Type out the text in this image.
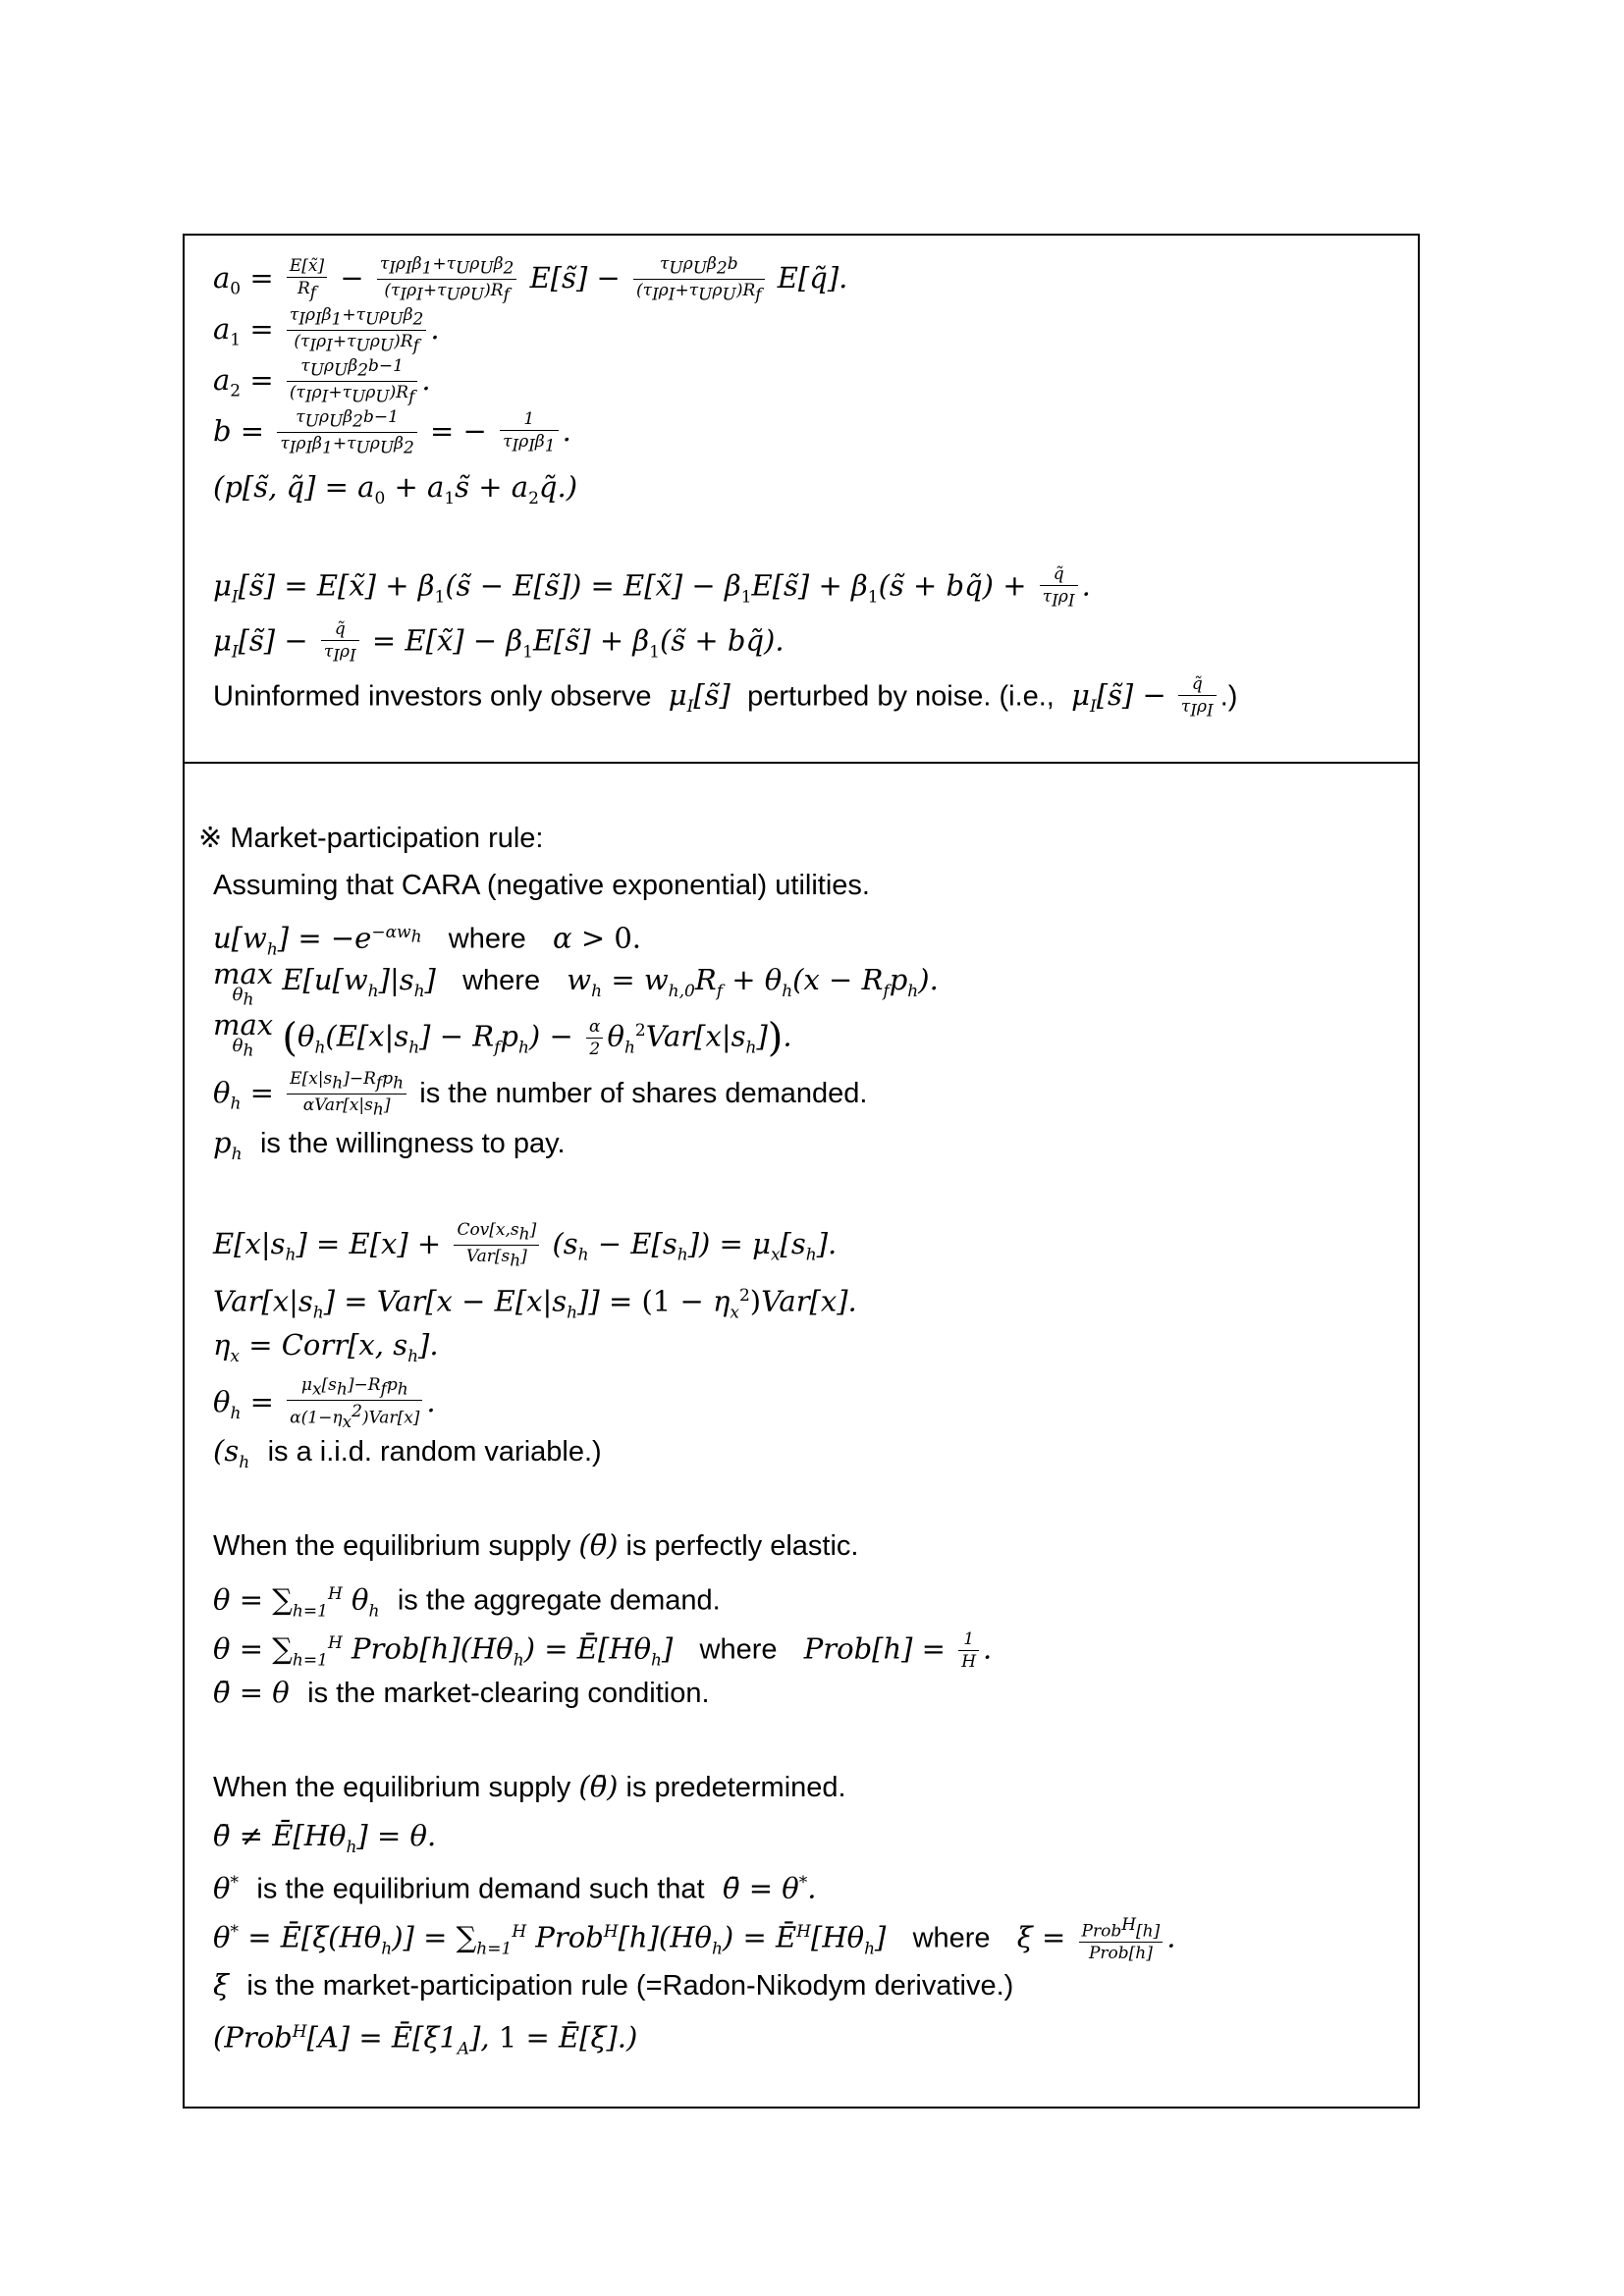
$a_0 = \frac{E[x̃]}{R_f} - \tau_I\rho_I\beta_1+\tau_U\rho_U\beta_2$
$(\tau_I\rho_I+\tau_U\rho_U)R_f$
E[s̃] −	$\tau_U\rho_U\beta_2b$
$(\tau_I\rho_I+\tau_U\rho_U)R_f$
E[q̃].
$a_1 = \tau_I\rho_I\beta_1+\tau_U\rho_U\beta_2$
$(\tau_I\rho_I+\tau_U\rho_U)R_f$
.
$a_2$ =	$\tau_U\rho_U\beta_2b-1$
$(\tau_I\rho_I+\tau_U\rho_U)R_f$
.
b =	$\tau_U\rho_U\beta_2b-1$
$\tau_I\rho_I\beta_1+\tau_U\rho_U\beta_2$
= −	1
$\tau_I\rho_I\beta_1$ .
(p[s̃, q̃] = $a_0$ + $a_1s̃$ + $a_2q̃$.)
$\mu_I[s̃]$ = E[x̃] + $\beta_1(s̃$ − E[s̃]) = E[x̃] − $\beta_1E[s̃]$ + $\beta_1(s̃$ + bq̃) +	q̃
$\tau_I\rho_I$ .
$\mu_I[s̃]$ −	q̃
$\tau_I\rho_I$ = E[x̃] − $\beta_1E[s̃]$ + $\beta_1(s̃$ + bq̃).
Uninformed investors only observe  $\mu_I[s̃]$  perturbed by noise. (i.e.,  $\mu_I[s̃]$ −	q̃
$\tau_I\rho_I$ .)
※ Market-participation rule:
Assuming that CARA (negative exponential) utilities.
$u[w_h] = -e^{-\alpha w_h}$ where α > 0.
max
$\theta_h$
$E[u[w_h]|s_h]$ where $w_h = w_{h,0}R_f + \theta_h(x - R_fp_h)$.
max
$\theta_h$ $(\theta_h(E[x|s_h] - R_fp_h) - \frac{\alpha}{2} \theta_h^2Var[x|s_h])$.
$\theta_h = E[x|s_h]-R_fp_h$
$\alpha Var[x|s_h]$	is the number of shares demanded.
$p_h$ is the willingness to pay.
$E[x|s_h] = E[x] + Cov[x,s_h]$
$Var[s_h] (s_h - E[s_h]) = \mu_x[s_h]$.
$Var[x|s_h] = Var[x - E[x|s_h]] = (1 - \eta_x^2)Var[x]$.
$\eta_x$ = Corr[x, $s_h$].
$\theta_h$ =
$\mu_x[s_h]-R_fp_h$
$\alpha(1-\eta_x^2)Var[x]$ .
($s_h$ is a i.i.d. random variable.)
When the equilibrium supply (θ̄) is perfectly elastic.
$\theta = \sum_{h=1}^H$ $\theta_h$ is the aggregate demand.
$\theta = \sum_{h=1}^H$ $Prob[h](H\theta_h)$ = $Ē[H\theta_h]$ where Prob[h] = $\frac{1}{H}$ .
θ̄ = θ  is the market-clearing condition.
When the equilibrium supply (θ̄) is predetermined.
θ̄ ≠ $Ē[H\theta_h] = \theta$.
θ* is the equilibrium demand such that  θ̄ = θ*.
$\theta^* = Ē[\xi(H\theta_h)] = \sum_{h=1}^H$ $Prob^H[h](H\theta_h)$ = $Ē^H[H\theta_h]$ where ξ = Prob$^H$[h]
Prob[h] .
ξ  is the market-participation rule (=Radon-Nikodym derivative.)
(Prob$^H$[A] = $Ē[\xi 1_A]$, 1 = Ē[ξ].)
